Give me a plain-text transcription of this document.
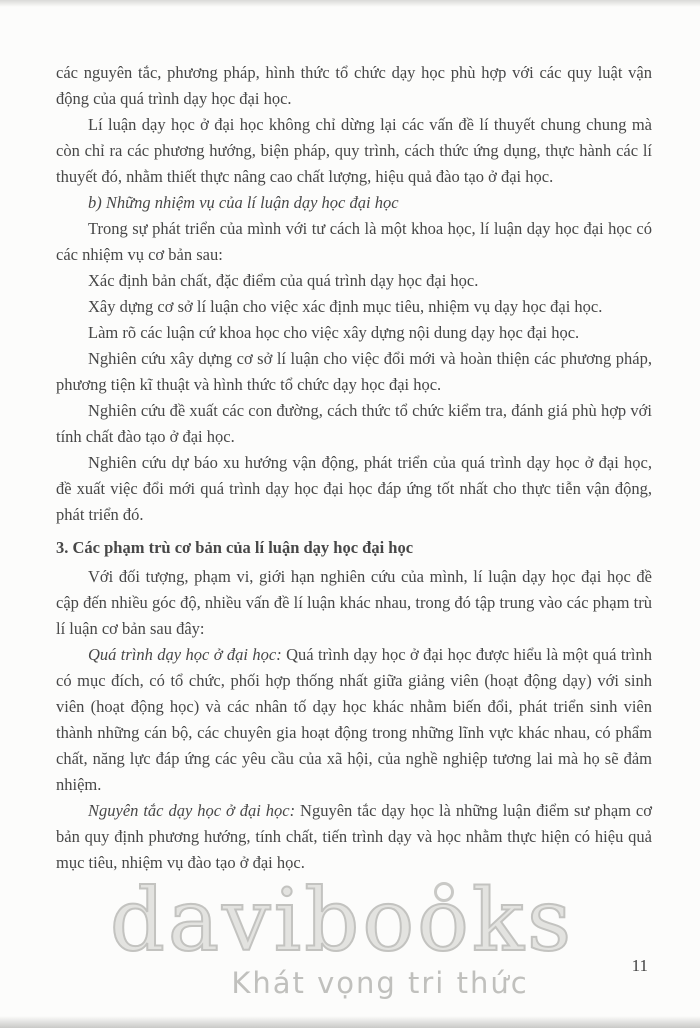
davibooks
Khát vọng tri thức

các nguyên tắc, phương pháp, hình thức tổ chức dạy học phù hợp với các quy luật vận động của quá trình dạy học đại học.

Lí luận dạy học ở đại học không chỉ dừng lại các vấn đề lí thuyết chung chung mà còn chỉ ra các phương hướng, biện pháp, quy trình, cách thức ứng dụng, thực hành các lí thuyết đó, nhằm thiết thực nâng cao chất lượng, hiệu quả đào tạo ở đại học.

b) Những nhiệm vụ của lí luận dạy học đại học

Trong sự phát triển của mình với tư cách là một khoa học, lí luận dạy học đại học có các nhiệm vụ cơ bản sau:

Xác định bản chất, đặc điểm của quá trình dạy học đại học.

Xây dựng cơ sở lí luận cho việc xác định mục tiêu, nhiệm vụ dạy học đại học.

Làm rõ các luận cứ khoa học cho việc xây dựng nội dung dạy học đại học.

Nghiên cứu xây dựng cơ sở lí luận cho việc đổi mới và hoàn thiện các phương pháp, phương tiện kĩ thuật và hình thức tổ chức dạy học đại học.

Nghiên cứu đề xuất các con đường, cách thức tổ chức kiểm tra, đánh giá phù hợp với tính chất đào tạo ở đại học.

Nghiên cứu dự báo xu hướng vận động, phát triển của quá trình dạy học ở đại học, đề xuất việc đổi mới quá trình dạy học đại học đáp ứng tốt nhất cho thực tiễn vận động, phát triển đó.

3. Các phạm trù cơ bản của lí luận dạy học đại học

Với đối tượng, phạm vi, giới hạn nghiên cứu của mình, lí luận dạy học đại học đề cập đến nhiều góc độ, nhiều vấn đề lí luận khác nhau, trong đó tập trung vào các phạm trù lí luận cơ bản sau đây:

Quá trình dạy học ở đại học: Quá trình dạy học ở đại học được hiểu là một quá trình có mục đích, có tổ chức, phối hợp thống nhất giữa giảng viên (hoạt động dạy) với sinh viên (hoạt động học) và các nhân tố dạy học khác nhằm biến đổi, phát triển sinh viên thành những cán bộ, các chuyên gia hoạt động trong những lĩnh vực khác nhau, có phẩm chất, năng lực đáp ứng các yêu cầu của xã hội, của nghề nghiệp tương lai mà họ sẽ đảm nhiệm.

Nguyên tắc dạy học ở đại học: Nguyên tắc dạy học là những luận điểm sư phạm cơ bản quy định phương hướng, tính chất, tiến trình dạy và học nhằm thực hiện có hiệu quả mục tiêu, nhiệm vụ đào tạo ở đại học.

11
